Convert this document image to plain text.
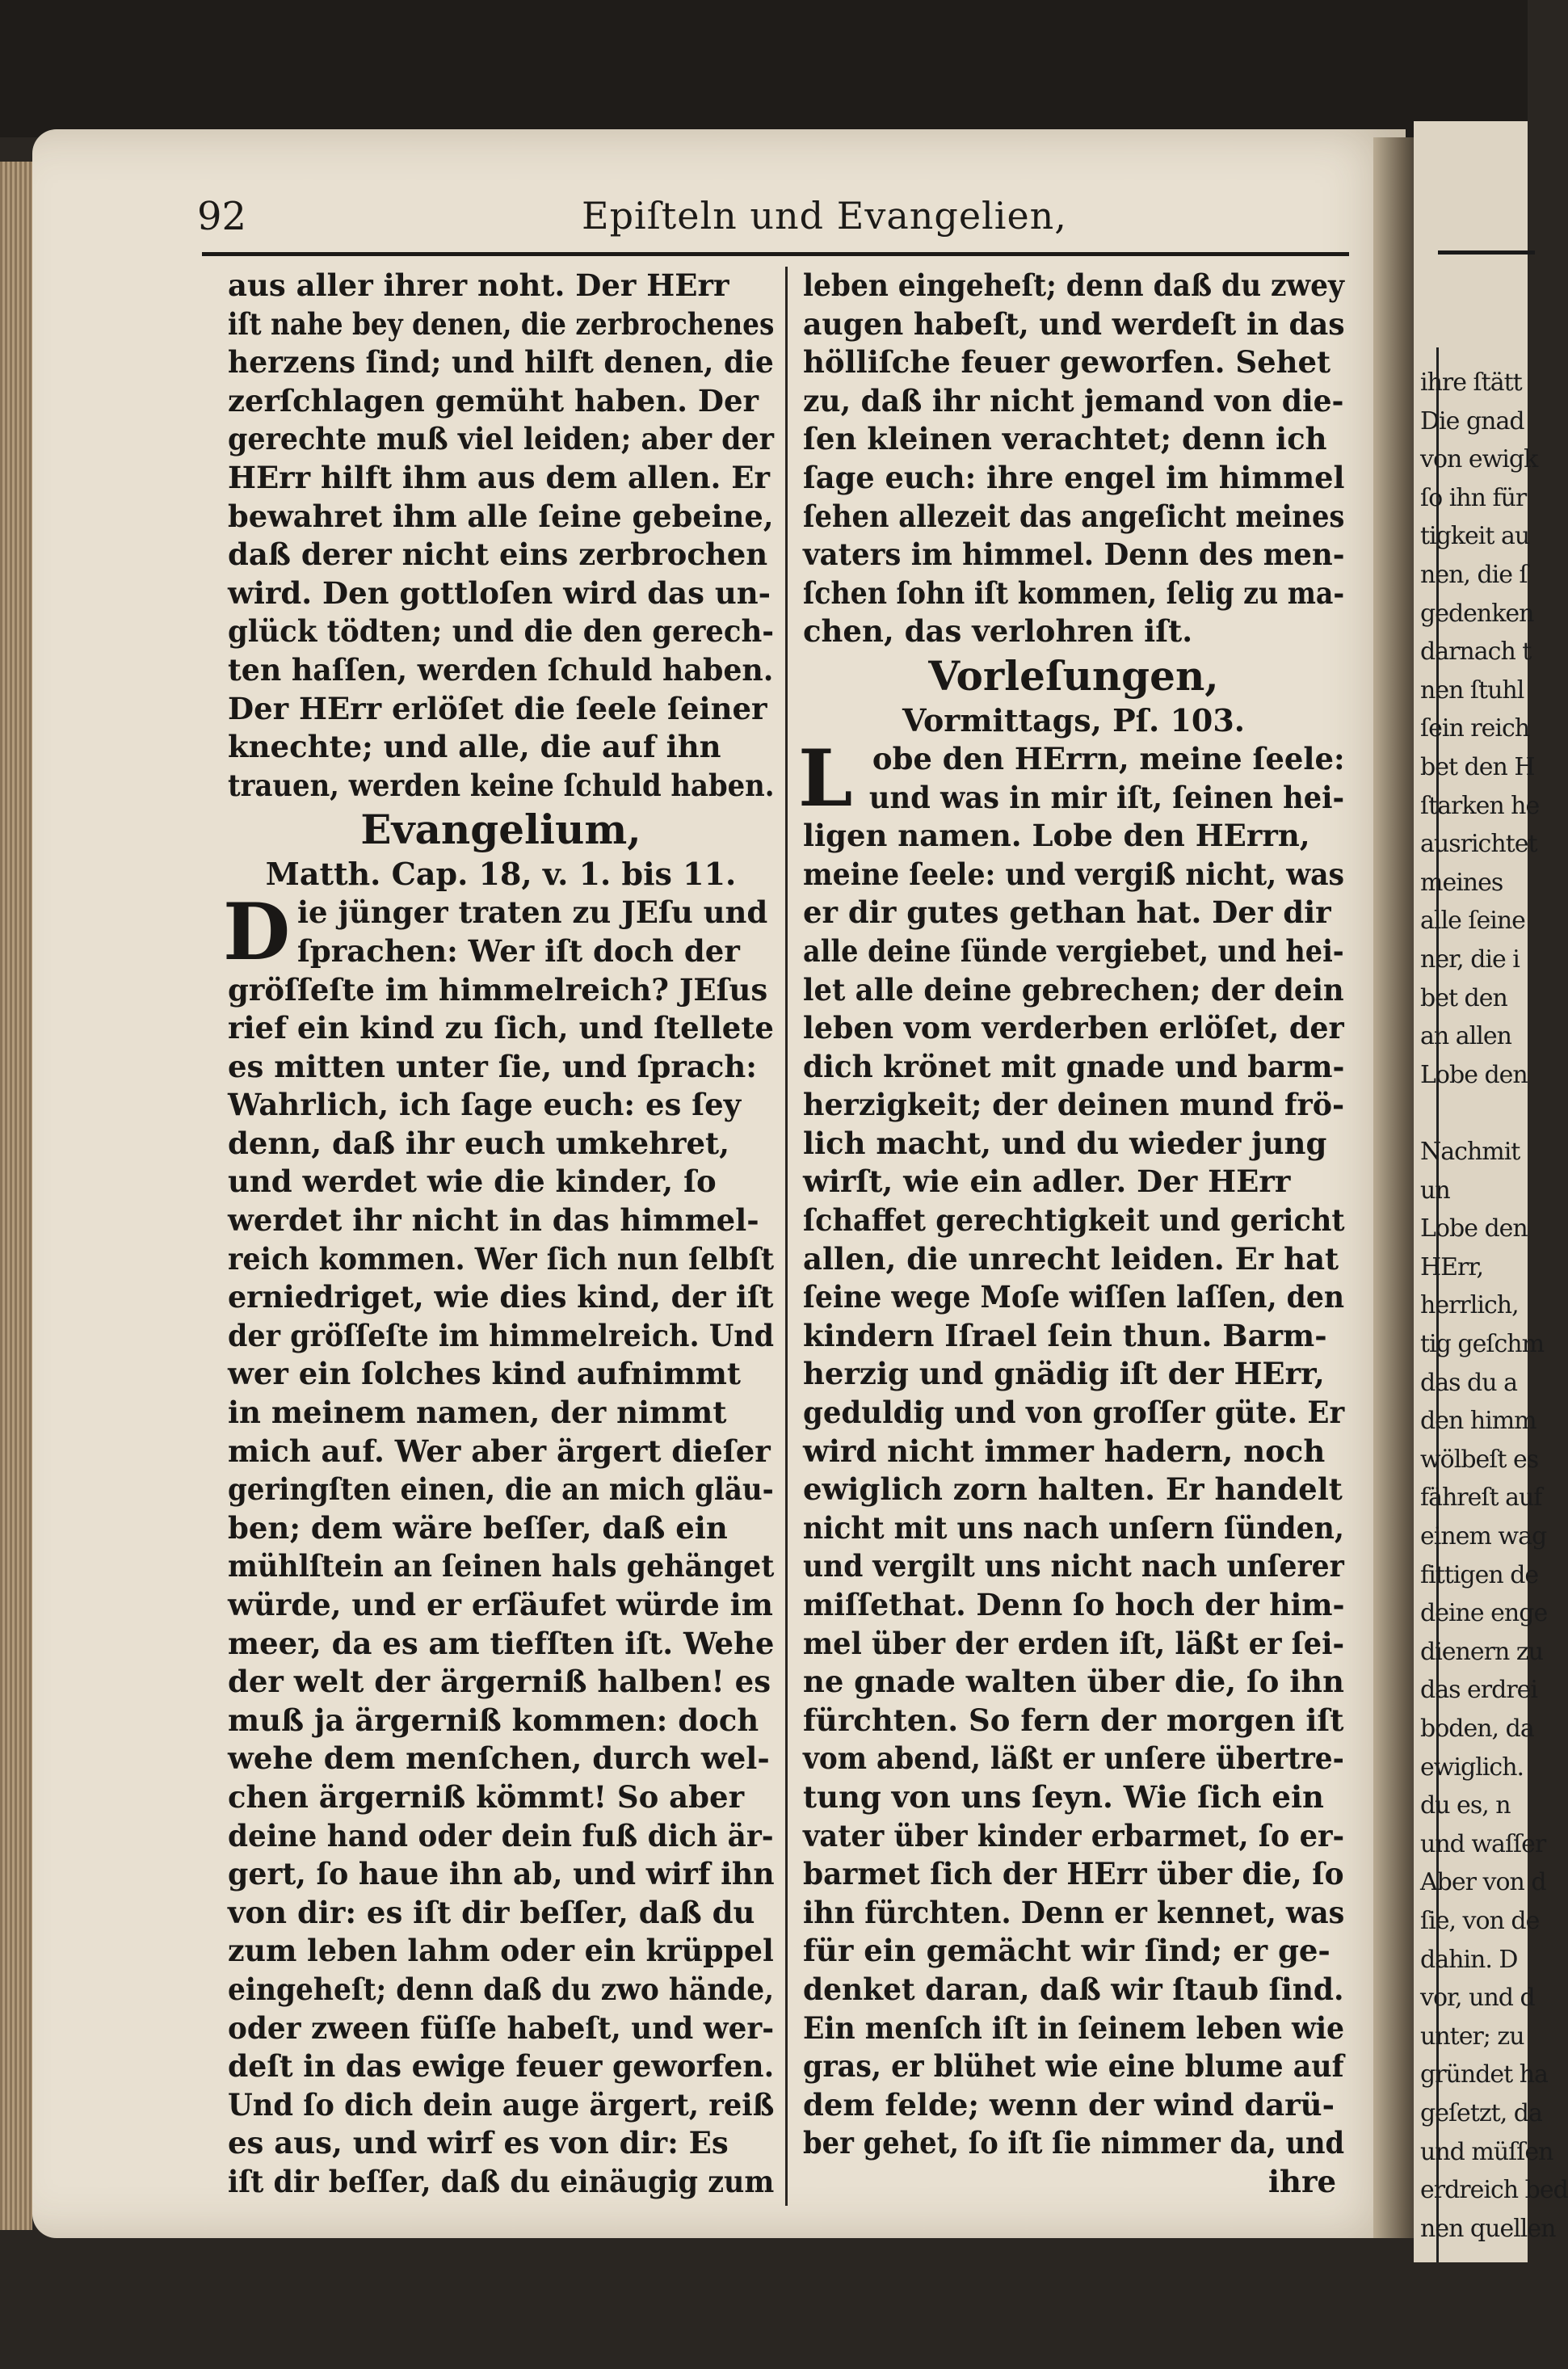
92	Epiſteln und Evangelien,
aus aller ihrer noht. Der HErr
iſt nahe bey denen, die zerbrochenes
herzens ſind; und hilft denen, die
zerſchlagen gemüht haben. Der
gerechte muß viel leiden; aber der
HErr hilft ihm aus dem allen. Er
bewahret ihm alle ſeine gebeine,
daß derer nicht eins zerbrochen
wird. Den gottloſen wird das un-
glück tödten; und die den gerech-
ten haſſen, werden ſchuld haben.
Der HErr erlöſet die ſeele ſeiner
knechte; und alle, die auf ihn
trauen, werden keine ſchuld haben.
Evangelium,
Matth. Cap. 18, v. 1. bis 11.
D ie jünger traten zu JEſu und
ſprachen: Wer iſt doch der
gröſſeſte im himmelreich? JEſus
rief ein kind zu ſich, und ſtellete
es mitten unter ſie, und ſprach:
Wahrlich, ich ſage euch: es ſey
denn, daß ihr euch umkehret,
und werdet wie die kinder, ſo
werdet ihr nicht in das himmel-
reich kommen. Wer ſich nun ſelbſt
erniedriget, wie dies kind, der iſt
der gröſſeſte im himmelreich. Und
wer ein ſolches kind aufnimmt
in meinem namen, der nimmt
mich auf. Wer aber ärgert dieſer
geringſten einen, die an mich gläu-
ben; dem wäre beſſer, daß ein
mühlſtein an ſeinen hals gehänget
würde, und er erſäufet würde im
meer, da es am tiefſten iſt. Wehe
der welt der ärgerniß halben! es
muß ja ärgerniß kommen: doch
wehe dem menſchen, durch wel-
chen ärgerniß kömmt! So aber
deine hand oder dein fuß dich är-
gert, ſo haue ihn ab, und wirf ihn
von dir: es iſt dir beſſer, daß du
zum leben lahm oder ein krüppel
eingeheſt; denn daß du zwo hände,
oder zween füſſe habeſt, und wer-
deſt in das ewige feuer geworfen.
Und ſo dich dein auge ärgert, reiß
es aus, und wirf es von dir: Es
iſt dir beſſer, daß du einäugig zum
leben eingeheſt; denn daß du zwey
augen habeſt, und werdeſt in das
hölliſche feuer geworfen. Sehet
zu, daß ihr nicht jemand von die-
ſen kleinen verachtet; denn ich
ſage euch: ihre engel im himmel
ſehen allezeit das angeſicht meines
vaters im himmel. Denn des men-
ſchen ſohn iſt kommen, ſelig zu ma-
chen, das verlohren iſt.
Vorleſungen,
Vormittags, Pſ. 103.
L obe den HErrn, meine ſeele:
und was in mir iſt, ſeinen hei-
ligen namen. Lobe den HErrn,
meine ſeele: und vergiß nicht, was
er dir gutes gethan hat. Der dir
alle deine ſünde vergiebet, und hei-
let alle deine gebrechen; der dein
leben vom verderben erlöſet, der
dich krönet mit gnade und barm-
herzigkeit; der deinen mund frö-
lich macht, und du wieder jung
wirſt, wie ein adler. Der HErr
ſchaffet gerechtigkeit und gericht
allen, die unrecht leiden. Er hat
ſeine wege Moſe wiſſen laſſen, den
kindern Iſrael ſein thun. Barm-
herzig und gnädig iſt der HErr,
geduldig und von groſſer güte. Er
wird nicht immer hadern, noch
ewiglich zorn halten. Er handelt
nicht mit uns nach unſern ſünden,
und vergilt uns nicht nach unſerer
miſſethat. Denn ſo hoch der him-
mel über der erden iſt, läßt er ſei-
ne gnade walten über die, ſo ihn
fürchten. So fern der morgen iſt
vom abend, läßt er unſere übertre-
tung von uns ſeyn. Wie ſich ein
vater über kinder erbarmet, ſo er-
barmet ſich der HErr über die, ſo
ihn fürchten. Denn er kennet, was
für ein gemächt wir ſind; er ge-
denket daran, daß wir ſtaub ſind.
Ein menſch iſt in ſeinem leben wie
gras, er blühet wie eine blume auf
dem felde; wenn der wind darü-
ber gehet, ſo iſt ſie nimmer da, und
ihre
ihre ſtätt
Die gnad
von ewigk
ſo ihn für
tigkeit au
nen, die ſ
gedenken
darnach t
nen ſtuhl
ſein reich
bet den H
ſtarken he
ausrichtet
meines
alle ſeine
ner, die i
bet den
an allen
Lobe den
Nachmit
un
Lobe den
HErr,
herrlich,
tig geſchm
das du a
den himm
wölbeſt es
fähreſt auf
einem wag
fittigen de
deine enge
dienern zu
das erdrei
boden, da
ewiglich.
du es, n
und waſſer
Aber von d
ſie, von de
dahin. D
vor, und d
unter; zu
gründet ha
geſetzt, da
und müſſen
erdreich bed
nen quellen
